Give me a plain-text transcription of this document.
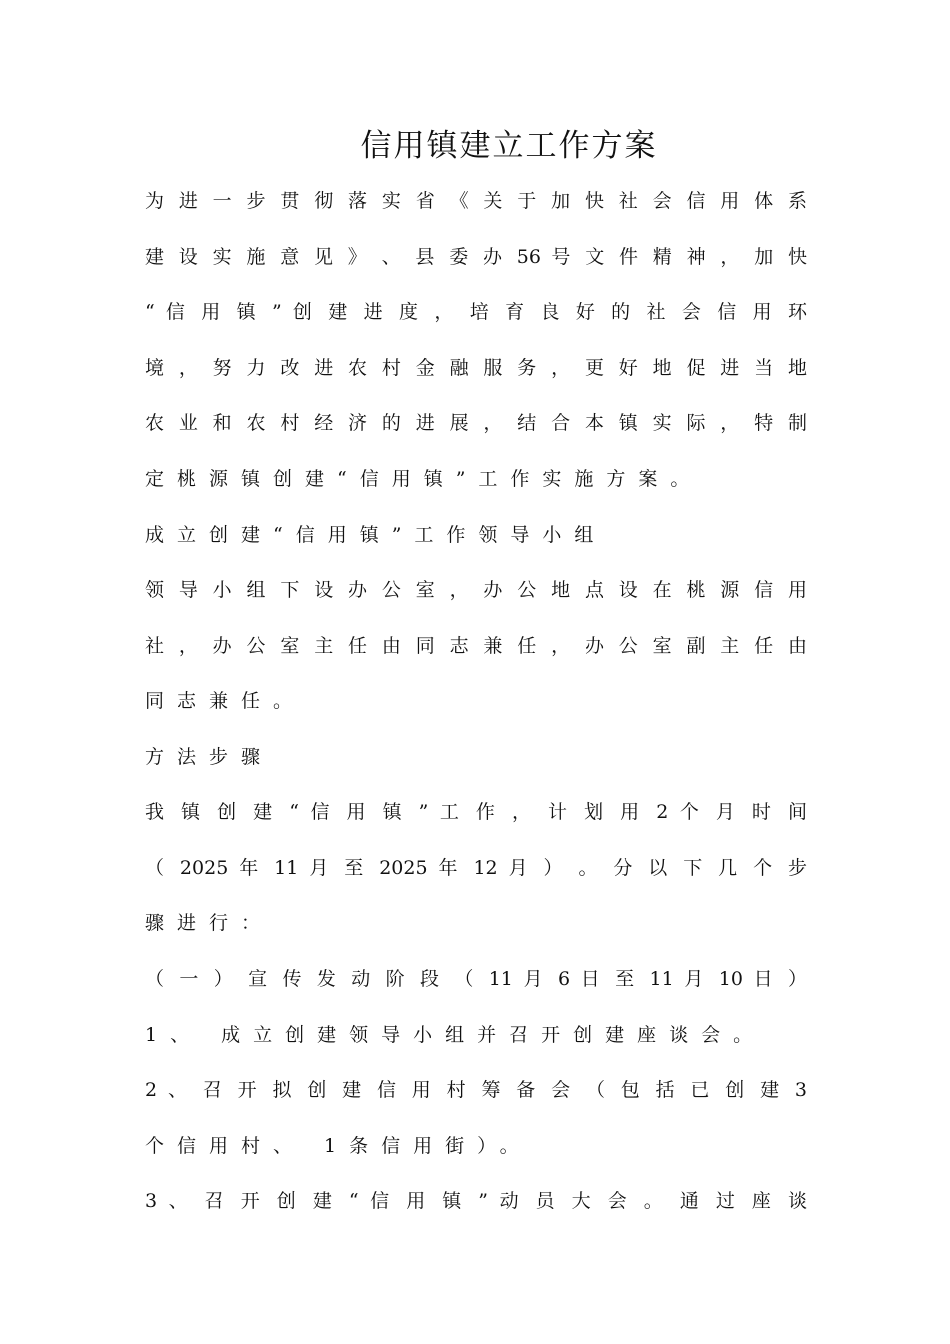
信用镇建立工作方案
为 进 一 步 贯 彻 落 实 省 《 关 于 加 快 社 会 信 用 体 系
建 设 实 施 意 见 》 、 县 委 办 56 号 文 件 精 神 ， 加 快
“ 信 用 镇 ” 创 建 进 度 ， 培 育 良 好 的 社 会 信 用 环
境 ， 努 力 改 进 农 村 金 融 服 务 ， 更 好 地 促 进 当 地
农 业 和 农 村 经 济 的 进 展 ， 结 合 本 镇 实 际 ， 特 制
定桃源镇创建“信用镇”工作实施方案。
成立创建“信用镇”工作领导小组
领 导 小 组 下 设 办 公 室 ， 办 公 地 点 设 在 桃 源 信 用
社 ， 办 公 室 主 任 由 同 志 兼 任 ， 办 公 室 副 主 任 由
同志兼任。
方法步骤
我 镇 创 建 “ 信 用 镇 ” 工 作 ， 计 划 用 2 个 月 时 间
（ 2025 年 11 月 至 2025 年 12 月 ） 。 分 以 下 几 个 步
骤进行：
（ 一 ） 宣 传 发 动 阶 段 （ 11 月 6 日 至 11 月 10 日 ）
1、 成立创建领导小组并召开创建座谈会。
2 、 召 开 拟 创 建 信 用 村 筹 备 会 （ 包 括 已 创 建 3
个信用村、 1条信用街）。
3 、 召 开 创 建 “ 信 用 镇 ” 动 员 大 会 。 通 过 座 谈
